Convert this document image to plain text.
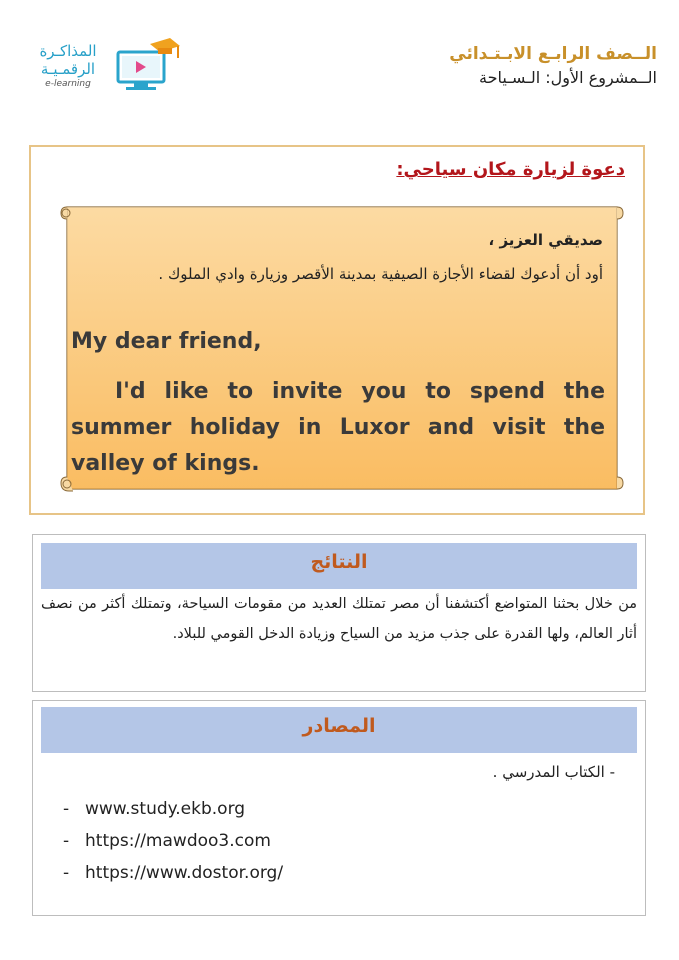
المذاكـرة
الرقمـيـة
e-learning
الــصف الرابـع الابـتـدائي
الــمشروع الأول: الـسـياحة
دعوة لزيارة مكان سياحي:
صديقي العزيز ،
أود أن أدعوك لقضاء الأجازة الصيفية بمدينة الأقصر وزيارة وادي الملوك .
My dear friend,
I'd like to invite you to spend the summer holiday in Luxor and visit the valley of kings.
النتائج
من خلال بحثنا المتواضع أكتشفنا أن مصر تمتلك العديد من مقومات السياحة، وتمتلك أكثر من نصف أثار العالم، ولها القدرة على جذب مزيد من السياح وزيادة الدخل القومي للبلاد.
المصادر
- الكتاب المدرسي .
- www.study.ekb.org
- https://mawdoo3.com
- https://www.dostor.org/
